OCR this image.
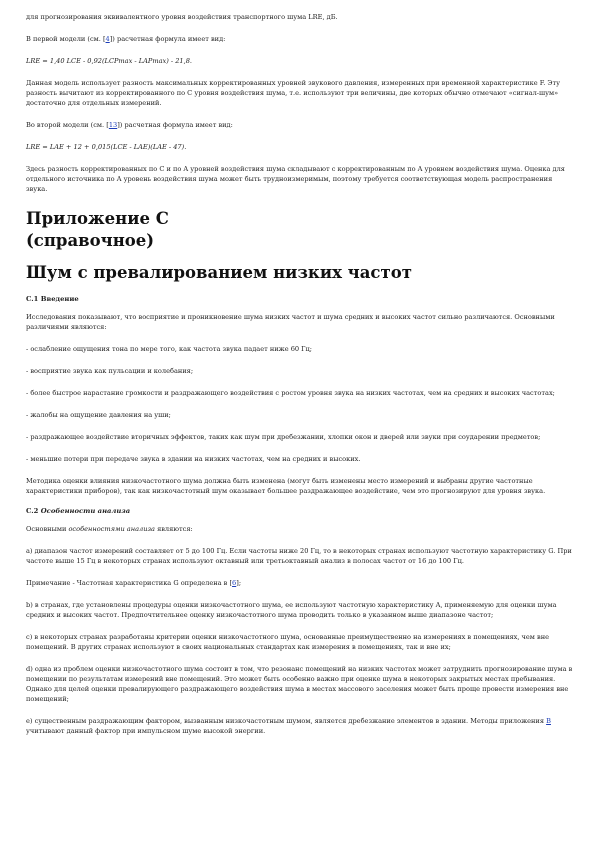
для прогнозирования эквивалентного уровня воздействия транспортного шума LRE, дБ.

В первой модели (см. [4]) расчетная формула имеет вид:

LRE = 1,40 LCE - 0,92(LCPmax - LAPmax) - 21,8.

Данная модель использует разность максимальных корректированных уровней звукового давления, измеренных при временной характеристике F. Эту разность вычитают из корректированного по C уровня воздействия шума, т.е. используют три величины, две которых обычно отмечают «сигнал-шум» достаточно для отдельных измерений.

Во второй модели (см. [13]) расчетная формула имеет вид:

LRE = LAE + 12 + 0,015(LCE - LAE)(LAE - 47).

Здесь разность корректированных по C и по A уровней воздействия шума складывают с корректированным по A уровнем воздействия шума. Оценка для отдельного источника по A уровень воздействия шума может быть трудноизмеримым, поэтому требуется соответствующая модель распространения звука.

Приложение C
(справочное)
Шум с превалированием низких частот
C.1 Введение

Исследования показывают, что восприятие и проникновение шума низких частот и шума средних и высоких частот сильно различаются. Основными различиями являются:

- ослабление ощущения тона по мере того, как частота звука падает ниже 60 Гц;

- восприятие звука как пульсации и колебания;

- более быстрое нарастание громкости и раздражающего воздействия с ростом уровня звука на низких частотах, чем на средних и высоких частотах;

- жалобы на ощущение давления на уши;

- раздражающее воздействие вторичных эффектов, таких как шум при дребезжании, хлопки окон и дверей или звуки при соударении предметов;

- меньшие потери при передаче звука в здании на низких частотах, чем на средних и высоких.

Методика оценки влияния низкочастотного шума должна быть изменена (могут быть изменены место измерений и выбраны другие частотные характеристики приборов), так как низкочастотный шум оказывает большее раздражающее воздействие, чем это прогнозируют для уровня звука.

C.2 Особенности анализа

Основными особенностями анализа являются:

а) диапазон частот измерений составляет от 5 до 100 Гц. Если частоты ниже 20 Гц, то в некоторых странах используют частотную характеристику G. При частоте выше 15 Гц в некоторых странах используют октавный или третьоктавный анализ в полосах частот от 16 до 100 Гц.

Примечание - Частотная характеристика G определена в [6];

b) в странах, где установлены процедуры оценки низкочастотного шума, ее используют частотную характеристику A, применяемую для оценки шума средних и высоких частот. Предпочтительнее оценку низкочастотного шума проводить только в указанном выше диапазоне частот;

c) в некоторых странах разработаны критерии оценки низкочастотного шума, основанные преимущественно на измерениях в помещениях, чем вне помещений. В других странах используют в своих национальных стандартах как измерения в помещениях, так и вне их;

d) одна из проблем оценки низкочастотного шума состоит в том, что резонанс помещений на низких частотах может затруднить прогнозирование шума в помещении по результатам измерений вне помещений. Это может быть особенно важно при оценке шума в некоторых закрытых местах пребывания. Однако для целей оценки превалирующего раздражающего воздействия шума в местах массового заселения может быть проще провести измерения вне помещений;

e) существенным раздражающим фактором, вызванным низкочастотным шумом, является дребезжание элементов в здании. Методы приложения B учитывают данный фактор при импульсном шуме высокой энергии.
